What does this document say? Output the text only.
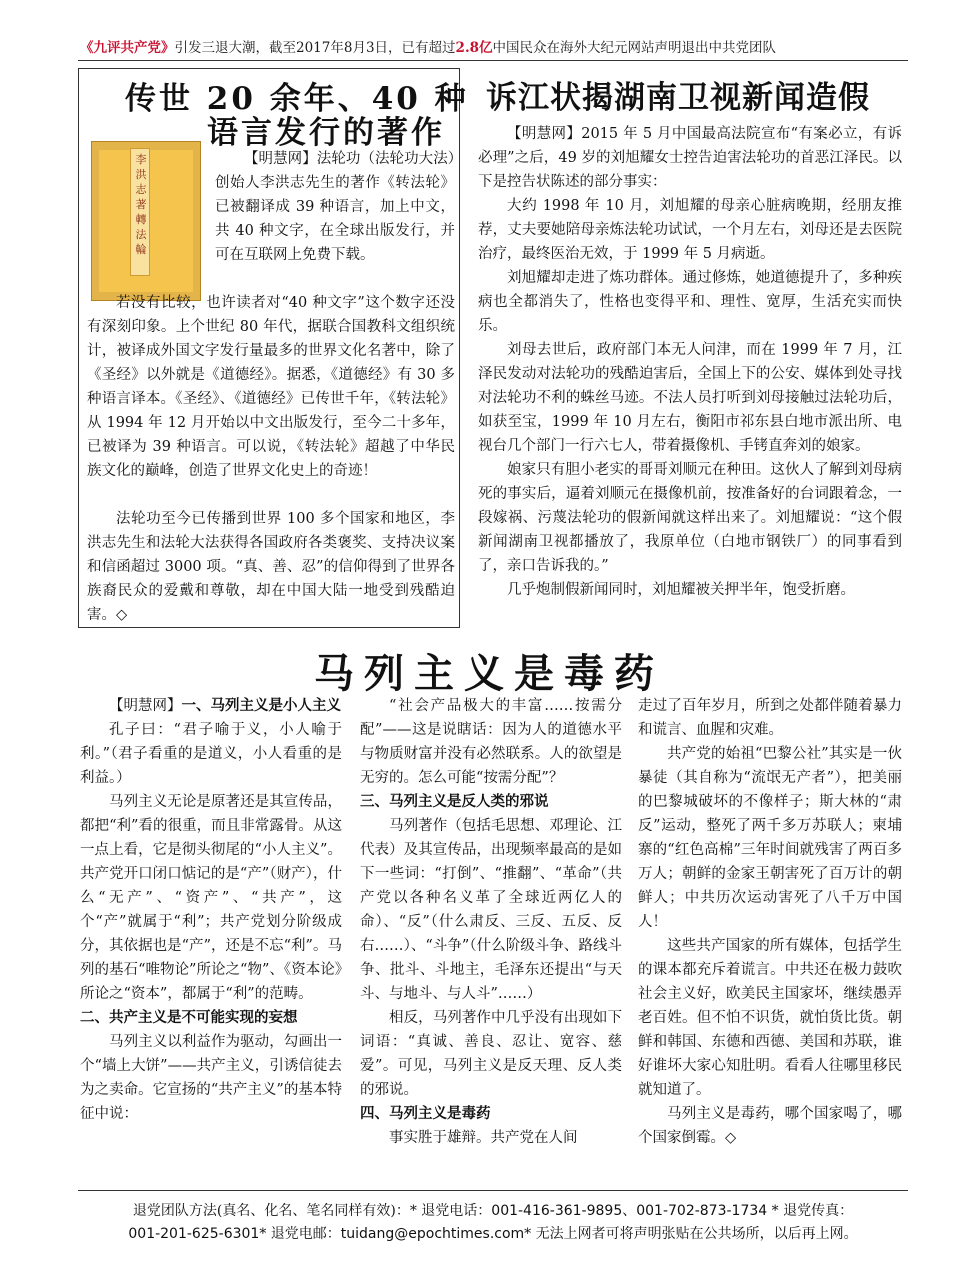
《九评共产党》引发三退大潮，截至2017年8月3日，已有超过2.8亿中国民众在海外大纪元网站声明退出中共党团队
传世 20 余年、40 种
语言发行的著作
李洪志著 轉法輪
【明慧网】法轮功（法轮功大法）创始人李洪志先生的著作《转法轮》已被翻译成 39 种语言，加上中文，共 40 种文字，在全球出版发行，并可在互联网上免费下载。
若没有比较，也许读者对“40 种文字”这个数字还没有深刻印象。上个世纪 80 年代，据联合国教科文组织统计，被译成外国文字发行量最多的世界文化名著中，除了《圣经》以外就是《道德经》。据悉，《道德经》有 30 多种语言译本。《圣经》、《道德经》已传世千年，《转法轮》从 1994 年 12 月开始以中文出版发行，至今二十多年，已被译为 39 种语言。可以说，《转法轮》超越了中华民族文化的巅峰，创造了世界文化史上的奇迹！
法轮功至今已传播到世界 100 多个国家和地区，李洪志先生和法轮大法获得各国政府各类褒奖、支持决议案和信函超过 3000 项。“真、善、忍”的信仰得到了世界各族裔民众的爱戴和尊敬，却在中国大陆一地受到残酷迫害。◇
诉江状揭湖南卫视新闻造假

【明慧网】2015 年 5 月中国最高法院宣布“有案必立，有诉必理”之后，49 岁的刘旭耀女士控告迫害法轮功的首恶江泽民。以下是控告状陈述的部分事实：

大约 1998 年 10 月，刘旭耀的母亲心脏病晚期，经朋友推荐，丈夫要她陪母亲炼法轮功试试，一个月左右，刘母还是去医院治疗，最终医治无效，于 1999 年 5 月病逝。

刘旭耀却走进了炼功群体。通过修炼，她道德提升了，多种疾病也全都消失了，性格也变得平和、理性、宽厚，生活充实而快乐。

刘母去世后，政府部门本无人问津，而在 1999 年 7 月，江泽民发动对法轮功的残酷迫害后，全国上下的公安、媒体到处寻找对法轮功不利的蛛丝马迹。不法人员打听到刘母接触过法轮功后，如获至宝，1999 年 10 月左右，衡阳市祁东县白地市派出所、电视台几个部门一行六七人，带着摄像机、手铐直奔刘的娘家。

娘家只有胆小老实的哥哥刘顺元在种田。这伙人了解到刘母病死的事实后，逼着刘顺元在摄像机前，按准备好的台词跟着念，一段嫁祸、污蔑法轮功的假新闻就这样出来了。刘旭耀说：“这个假新闻湖南卫视都播放了，我原单位（白地市钢铁厂）的同事看到了，亲口告诉我的。”

几乎炮制假新闻同时，刘旭耀被关押半年，饱受折磨。

马列主义是毒药

【明慧网】一、马列主义是小人主义

孔子曰：“君子喻于义，小人喻于利。”（君子看重的是道义，小人看重的是利益。）

马列主义无论是原著还是其宣传品，都把“利”看的很重，而且非常露骨。从这一点上看，它是彻头彻尾的“小人主义”。共产党开口闭口惦记的是“产”（财产），什么“无产”、“资产”、“共产”，这个“产”就属于“利”；共产党划分阶级成分，其依据也是“产”，还是不忘“利”。马列的基石“唯物论”所论之“物”、《资本论》所论之“资本”，都属于“利”的范畴。

二、共产主义是不可能实现的妄想

马列主义以利益作为驱动，勾画出一个“墙上大饼”——共产主义，引诱信徒去为之卖命。它宣扬的“共产主义”的基本特征中说：

“社会产品极大的丰富……按需分配”——这是说瞎话：因为人的道德水平与物质财富并没有必然联系。人的欲望是无穷的。怎么可能“按需分配”？

三、马列主义是反人类的邪说

马列著作（包括毛思想、邓理论、江代表）及其宣传品，出现频率最高的是如下一些词：“打倒”、“推翻”、“革命”（共产党以各种名义革了全球近两亿人的命）、“反”（什么肃反、三反、五反、反右……）、“斗争”（什么阶级斗争、路线斗争、批斗、斗地主，毛泽东还提出“与天斗、与地斗、与人斗”……）

相反，马列著作中几乎没有出现如下词语：“真诚、善良、忍让、宽容、慈爱”。可见，马列主义是反天理、反人类的邪说。

四、马列主义是毒药

事实胜于雄辩。共产党在人间

走过了百年岁月，所到之处都伴随着暴力和谎言、血腥和灾难。

共产党的始祖“巴黎公社”其实是一伙暴徒（其自称为“流氓无产者”），把美丽的巴黎城破坏的不像样子；斯大林的“肃反”运动，整死了两千多万苏联人；柬埔寨的“红色高棉”三年时间就残害了两百多万人；朝鲜的金家王朝害死了百万计的朝鲜人；中共历次运动害死了八千万中国人！

这些共产国家的所有媒体，包括学生的课本都充斥着谎言。中共还在极力鼓吹社会主义好，欧美民主国家坏，继续愚弄老百姓。但不怕不识货，就怕货比货。朝鲜和韩国、东德和西德、美国和苏联，谁好谁坏大家心知肚明。看看人往哪里移民就知道了。

马列主义是毒药，哪个国家喝了，哪个国家倒霉。◇

退党团队方法(真名、化名、笔名同样有效)：* 退党电话：001-416-361-9895、001-702-873-1734 * 退党传真：
001-201-625-6301* 退党电邮：tuidang@epochtimes.com* 无法上网者可将声明张贴在公共场所，以后再上网。
